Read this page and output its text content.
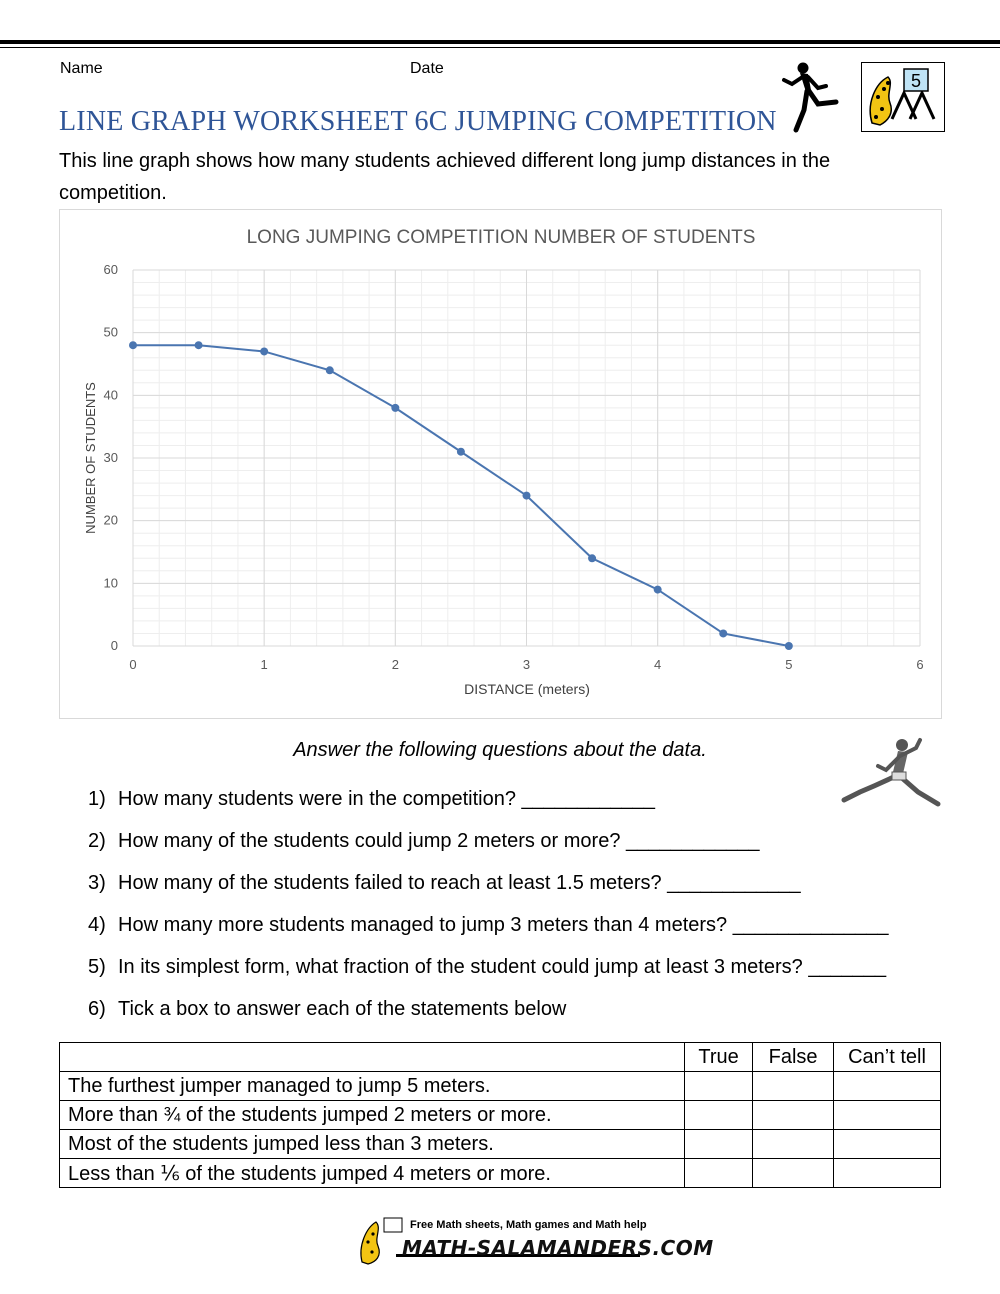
Name	Date
LINE GRAPH WORKSHEET 6C JUMPING COMPETITION
5
This line graph shows how many students achieved different long jump distances in the competition.
0
10
20
30
40
50
60
0	1	2	3	4	5	6
LONG JUMPING COMPETITION NUMBER OF STUDENTS
DISTANCE (meters)
NUMBER OF STUDENTS
Answer the following questions about the data.
1) How many students were in the competition? ____________
2) How many of the students could jump 2 meters or more? ____________
3) How many of the students failed to reach at least 1.5 meters? ____________
4) How many more students managed to jump 3 meters than 4 meters? ______________
5) In its simplest form, what fraction of the student could jump at least 3 meters? _______
6) Tick a box to answer each of the statements below
	True	False	Can’t tell
The furthest jumper managed to jump 5 meters.			
More than ¾ of the students jumped 2 meters or more.			
Most of the students jumped less than 3 meters.			
Less than ⅙ of the students jumped 4 meters or more.			
Free Math sheets, Math games and Math help
MATH-SALAMANDERS.COM
